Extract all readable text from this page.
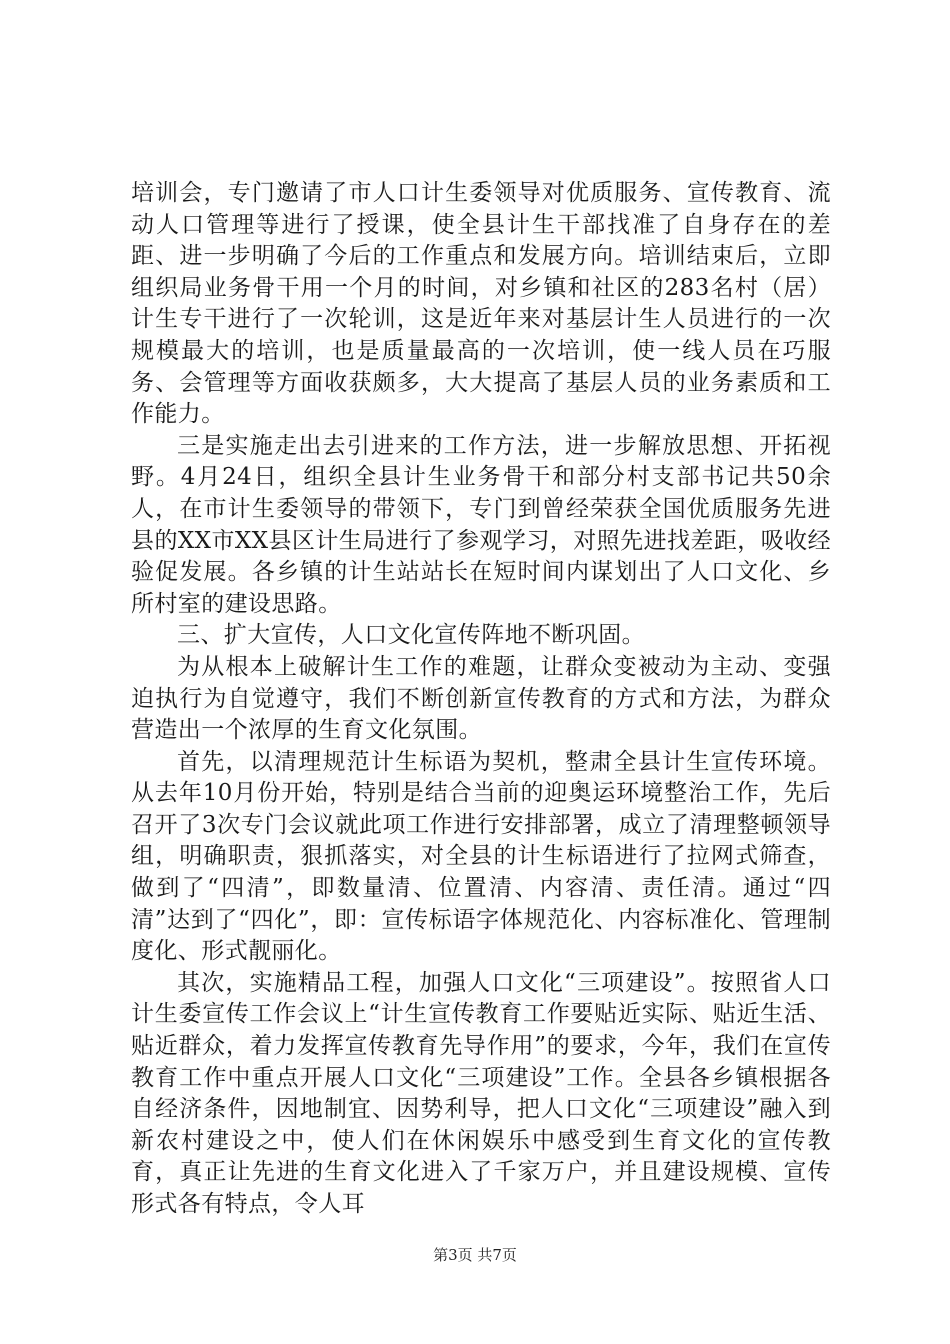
培训会，专门邀请了市人口计生委领导对优质服务、宣传教育、流动人口管理等进行了授课，使全县计生干部找准了自身存在的差距、进一步明确了今后的工作重点和发展方向。培训结束后，立即组织局业务骨干用一个月的时间，对乡镇和社区的283名村（居）计生专干进行了一次轮训，这是近年来对基层计生人员进行的一次规模最大的培训，也是质量最高的一次培训，使一线人员在巧服务、会管理等方面收获颇多，大大提高了基层人员的业务素质和工作能力。

三是实施走出去引进来的工作方法，进一步解放思想、开拓视野。4月24日，组织全县计生业务骨干和部分村支部书记共50余人，在市计生委领导的带领下，专门到曾经荣获全国优质服务先进县的XX市XX县区计生局进行了参观学习，对照先进找差距，吸收经验促发展。各乡镇的计生站站长在短时间内谋划出了人口文化、乡所村室的建设思路。

三、扩大宣传，人口文化宣传阵地不断巩固。

为从根本上破解计生工作的难题，让群众变被动为主动、变强迫执行为自觉遵守，我们不断创新宣传教育的方式和方法，为群众营造出一个浓厚的生育文化氛围。

首先，以清理规范计生标语为契机，整肃全县计生宣传环境。从去年10月份开始，特别是结合当前的迎奥运环境整治工作，先后召开了3次专门会议就此项工作进行安排部署，成立了清理整顿领导组，明确职责，狠抓落实，对全县的计生标语进行了拉网式筛查，做到了“四清”，即数量清、位置清、内容清、责任清。通过“四清”达到了“四化”，即：宣传标语字体规范化、内容标准化、管理制度化、形式靓丽化。

其次，实施精品工程，加强人口文化“三项建设”。按照省人口计生委宣传工作会议上“计生宣传教育工作要贴近实际、贴近生活、贴近群众，着力发挥宣传教育先导作用”的要求，今年，我们在宣传教育工作中重点开展人口文化“三项建设”工作。全县各乡镇根据各自经济条件，因地制宜、因势利导，把人口文化“三项建设”融入到新农村建设之中，使人们在休闲娱乐中感受到生育文化的宣传教育，真正让先进的生育文化进入了千家万户，并且建设规模、宣传形式各有特点，令人耳

第3页 共7页
